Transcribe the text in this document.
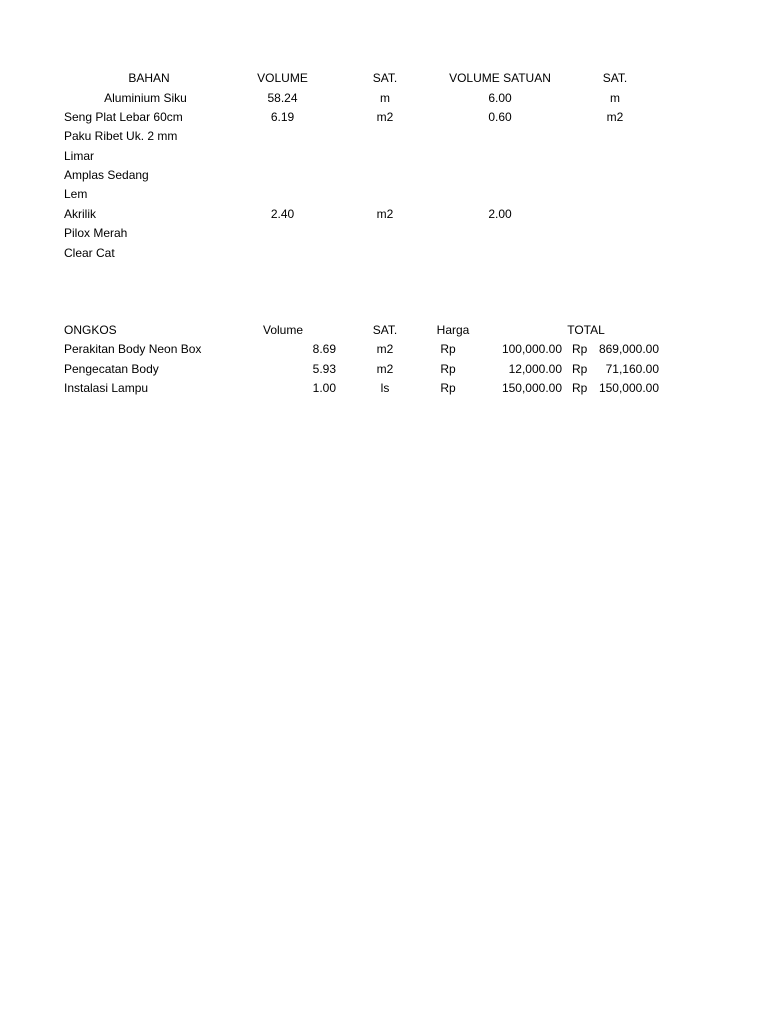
BAHAN	VOLUME	SAT.	VOLUME SATUAN	SAT.
Aluminium Siku	58.24	m	6.00	m
Seng Plat Lebar 60cm	6.19	m2	0.60	m2
Paku Ribet Uk. 2 mm
Limar
Amplas Sedang
Lem
Akrilik	2.40	m2	2.00
Pilox Merah
Clear Cat
ONGKOS	Volume	SAT.	Harga	TOTAL
Perakitan Body Neon Box	8.69	m2	Rp	100,000.00 Rp 869,000.00
Pengecatan Body	5.93	m2	Rp	12,000.00 Rp	71,160.00
Instalasi Lampu	1.00	ls	Rp	150,000.00 Rp 150,000.00
